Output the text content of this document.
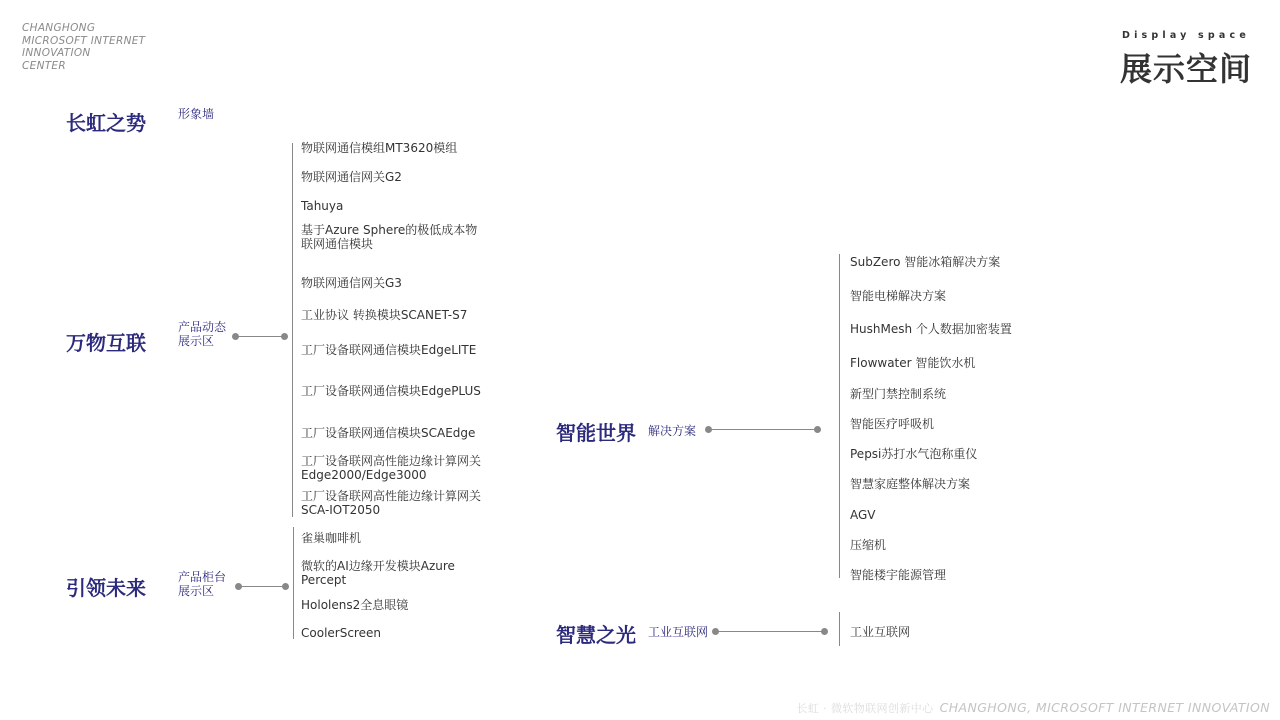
CHANGHONG
MICROSOFT INTERNET
INNOVATION
CENTER
Display space
展示空间
长虹之势	形象墙
万物互联
产品动态
展示区
物联网通信模组MT3620模组
物联网通信网关G2
Tahuya
基于Azure Sphere的极低成本物
联网通信模块
物联网通信网关G3
工业协议 转换模块SCANET-S7
工厂设备联网通信模块EdgeLITE
工厂设备联网通信模块EdgePLUS
工厂设备联网通信模块SCAEdge
工厂设备联网高性能边缘计算网关
Edge2000/Edge3000
工厂设备联网高性能边缘计算网关
SCA-IOT2050
引领未来	产品柜台
展示区
雀巢咖啡机
微软的AI边缘开发模块Azure
Percept
Hololens2全息眼镜
CoolerScreen
智能世界 解决方案
SubZero 智能冰箱解决方案
智能电梯解决方案
HushMesh 个人数据加密装置
Flowwater 智能饮水机
新型门禁控制系统
智能医疗呼吸机
Pepsi苏打水气泡称重仪
智慧家庭整体解决方案
AGV
压缩机
智能楼宇能源管理
智慧之光 工业互联网	工业互联网
长虹 · 微软物联网创新中心 CHANGHONG, MICROSOFT INTERNET INNOVATION
